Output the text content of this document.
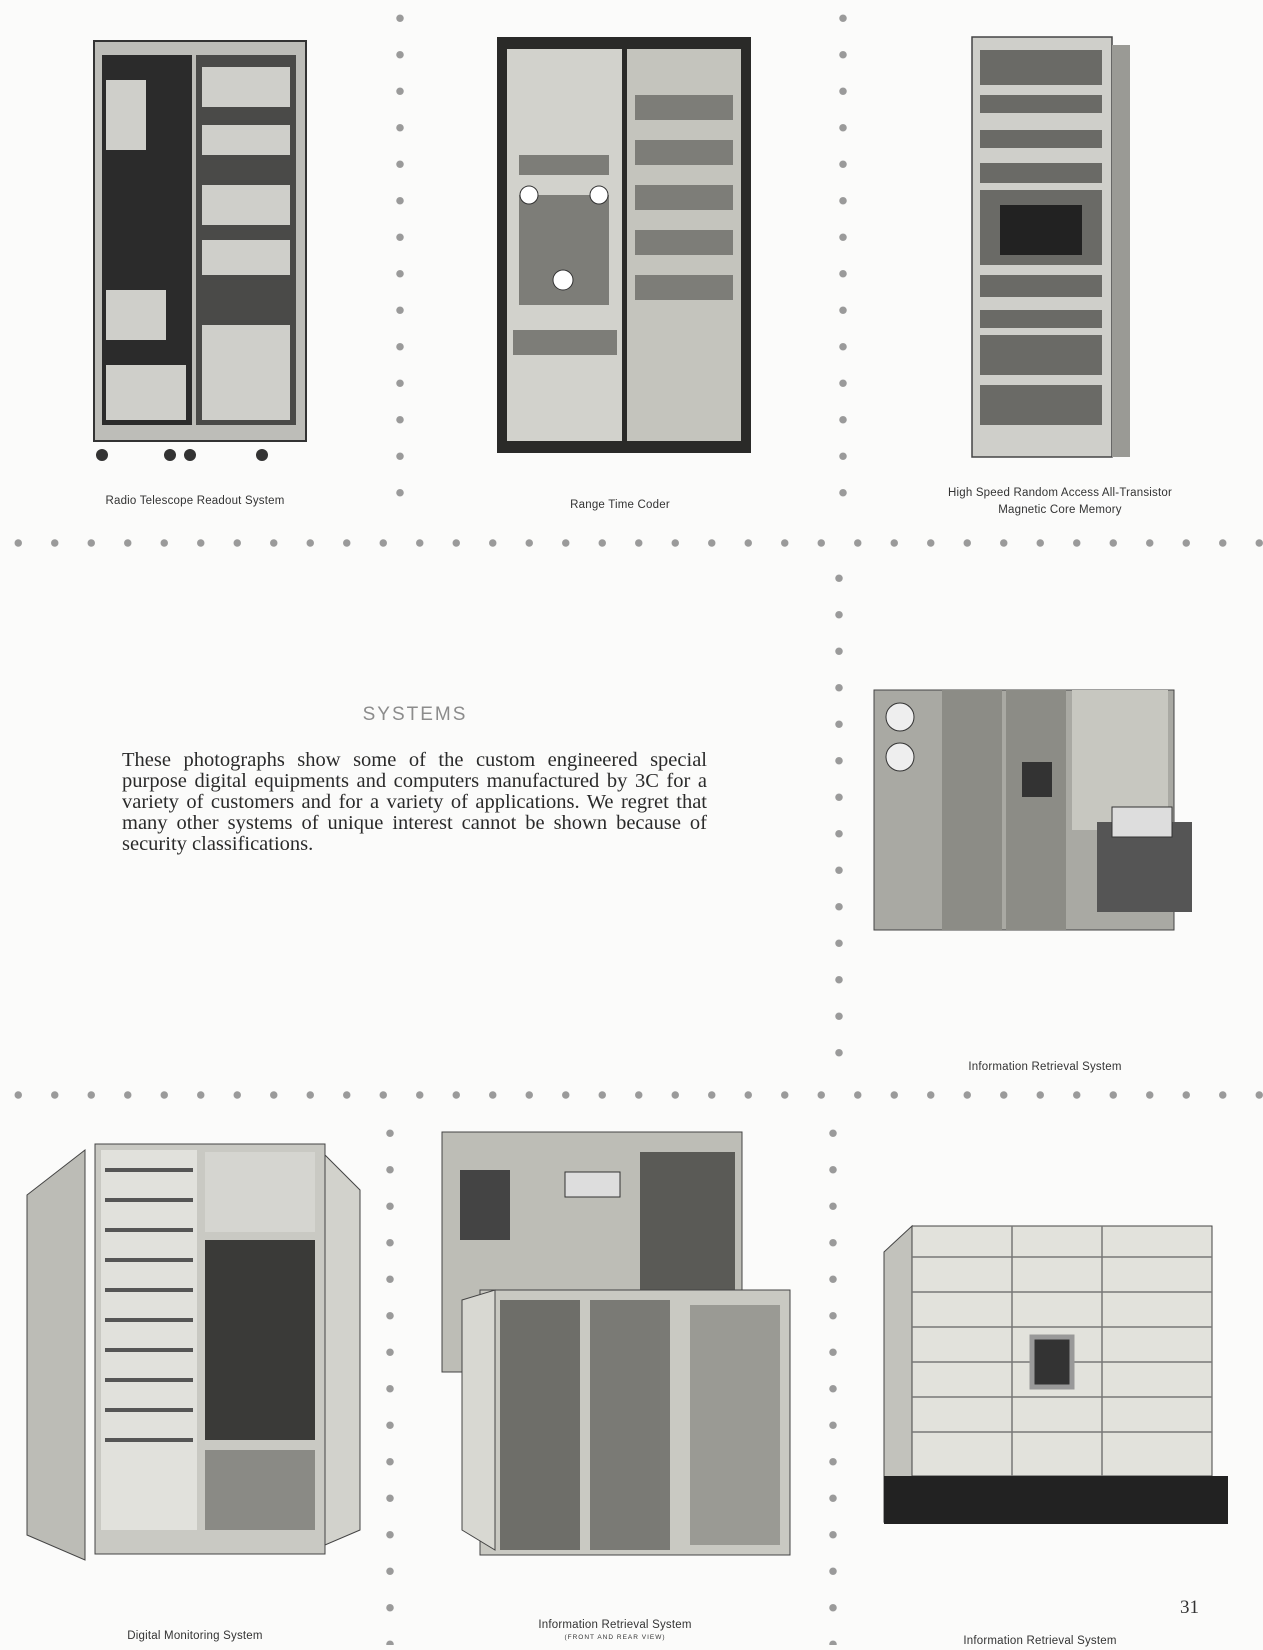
Radio Telescope Readout System	Range Time Coder
High Speed Random Access All-Transistor
Magnetic Core Memory
SYSTEMS
These photographs show some of the custom engineered special purpose digital equipments and computers manufactured by 3C for a variety of customers and for a variety of applications. We regret that many other systems of unique interest cannot be shown because of security classifications.
Information Retrieval System
Digital Monitoring System
Information Retrieval System
(FRONT AND REAR VIEW)	Information Retrieval System
31
